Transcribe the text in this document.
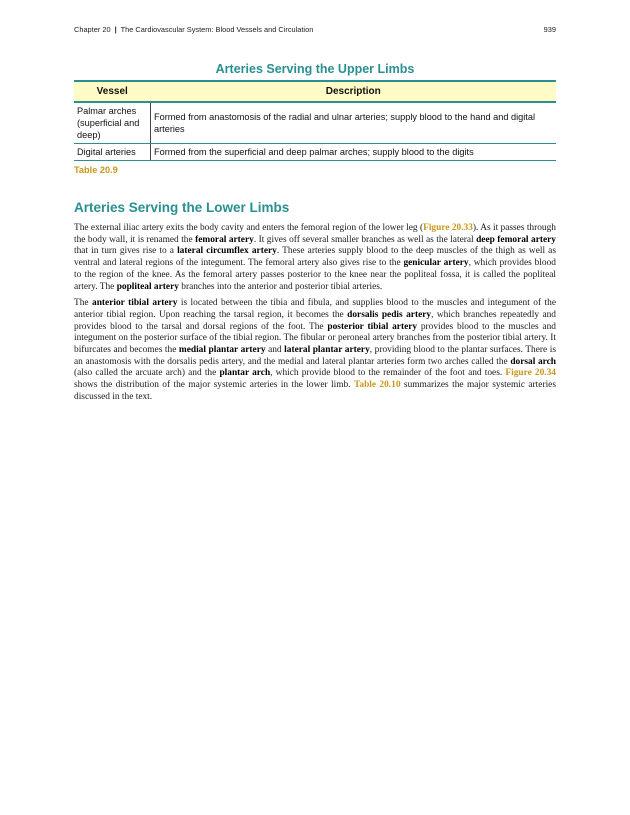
Chapter 20 | The Cardiovascular System: Blood Vessels and Circulation	939
Arteries Serving the Upper Limbs
Vessel	Description
Palmar arches (superficial and deep)	Formed from anastomosis of the radial and ulnar arteries; supply blood to the hand and digital arteries
Digital arteries	Formed from the superficial and deep palmar arches; supply blood to the digits
Table 20.9
Arteries Serving the Lower Limbs

The external iliac artery exits the body cavity and enters the femoral region of the lower leg (Figure 20.33). As it passes through the body wall, it is renamed the femoral artery. It gives off several smaller branches as well as the lateral deep femoral artery that in turn gives rise to a lateral circumflex artery. These arteries supply blood to the deep muscles of the thigh as well as ventral and lateral regions of the integument. The femoral artery also gives rise to the genicular artery, which provides blood to the region of the knee. As the femoral artery passes posterior to the knee near the popliteal fossa, it is called the popliteal artery. The popliteal artery branches into the anterior and posterior tibial arteries.

The anterior tibial artery is located between the tibia and fibula, and supplies blood to the muscles and integument of the anterior tibial region. Upon reaching the tarsal region, it becomes the dorsalis pedis artery, which branches repeatedly and provides blood to the tarsal and dorsal regions of the foot. The posterior tibial artery provides blood to the muscles and integument on the posterior surface of the tibial region. The fibular or peroneal artery branches from the posterior tibial artery. It bifurcates and becomes the medial plantar artery and lateral plantar artery, providing blood to the plantar surfaces. There is an anastomosis with the dorsalis pedis artery, and the medial and lateral plantar arteries form two arches called the dorsal arch (also called the arcuate arch) and the plantar arch, which provide blood to the remainder of the foot and toes. Figure 20.34 shows the distribution of the major systemic arteries in the lower limb. Table 20.10 summarizes the major systemic arteries discussed in the text.
